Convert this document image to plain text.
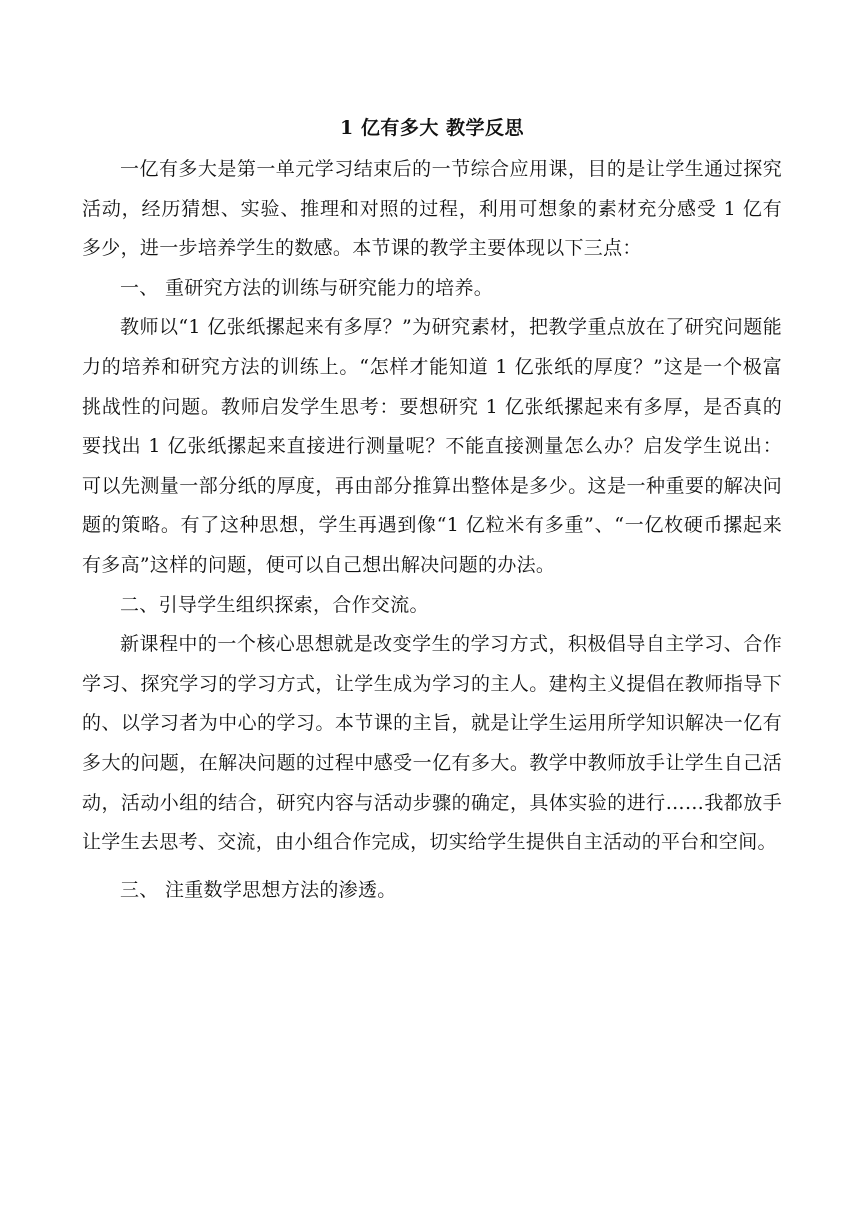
1 亿有多大 教学反思

一亿有多大是第一单元学习结束后的一节综合应用课，目的是让学生通过探究活动，经历猜想、实验、推理和对照的过程，利用可想象的素材充分感受 1 亿有多少，进一步培养学生的数感。本节课的教学主要体现以下三点：

一、 重研究方法的训练与研究能力的培养。

教师以“1 亿张纸摞起来有多厚？”为研究素材，把教学重点放在了研究问题能力的培养和研究方法的训练上。“怎样才能知道 1 亿张纸的厚度？”这是一个极富挑战性的问题。教师启发学生思考：要想研究 1 亿张纸摞起来有多厚，是否真的要找出 1 亿张纸摞起来直接进行测量呢？不能直接测量怎么办？启发学生说出：可以先测量一部分纸的厚度，再由部分推算出整体是多少。这是一种重要的解决问题的策略。有了这种思想，学生再遇到像“1 亿粒米有多重”、“一亿枚硬币摞起来有多高”这样的问题，便可以自己想出解决问题的办法。

二、引导学生组织探索，合作交流。

新课程中的一个核心思想就是改变学生的学习方式，积极倡导自主学习、合作学习、探究学习的学习方式，让学生成为学习的主人。建构主义提倡在教师指导下的、以学习者为中心的学习。本节课的主旨，就是让学生运用所学知识解决一亿有多大的问题，在解决问题的过程中感受一亿有多大。教学中教师放手让学生自己活动，活动小组的结合，研究内容与活动步骤的确定，具体实验的进行……我都放手让学生去思考、交流，由小组合作完成，切实给学生提供自主活动的平台和空间。

三、 注重数学思想方法的渗透。
